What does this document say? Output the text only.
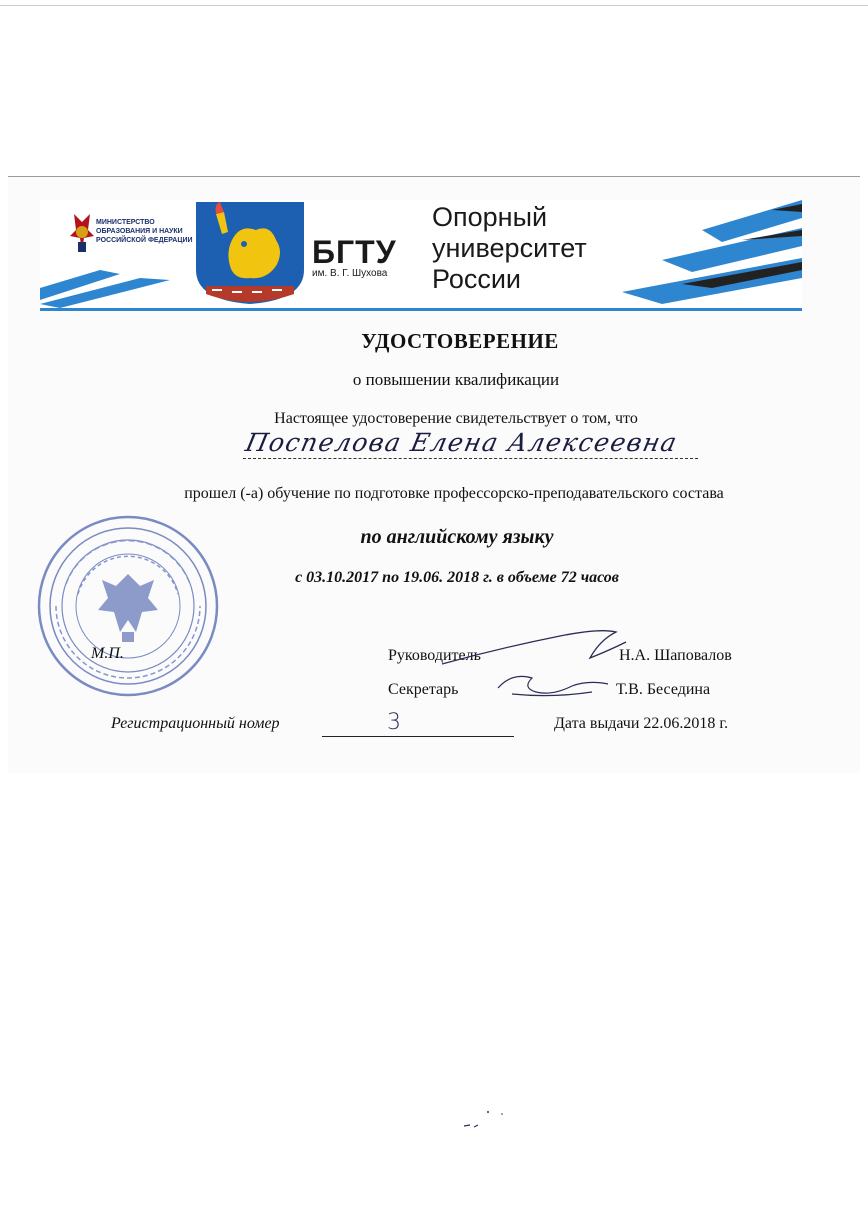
МИНИСТЕРСТВО
ОБРАЗОВАНИЯ И НАУКИ
РОССИЙСКОЙ ФЕДЕРАЦИИ	БГТУ
им. В. Г. Шухова
Опорный
университет
России
УДОСТОВЕРЕНИЕ
о повышении квалификации
Настоящее удостоверение свидетельствует о том, что
Поспелова Елена Алексеевна
прошел (-а) обучение по подготовке профессорско-преподавательского состава
по английскому языку
с 03.10.2017 по 19.06. 2018 г. в объеме 72 часов
М.П.	Руководитель	Н.А. Шаповалов
Секретарь	Т.В. Беседина
Регистрационный номер	3	Дата выдачи 22.06.2018 г.
